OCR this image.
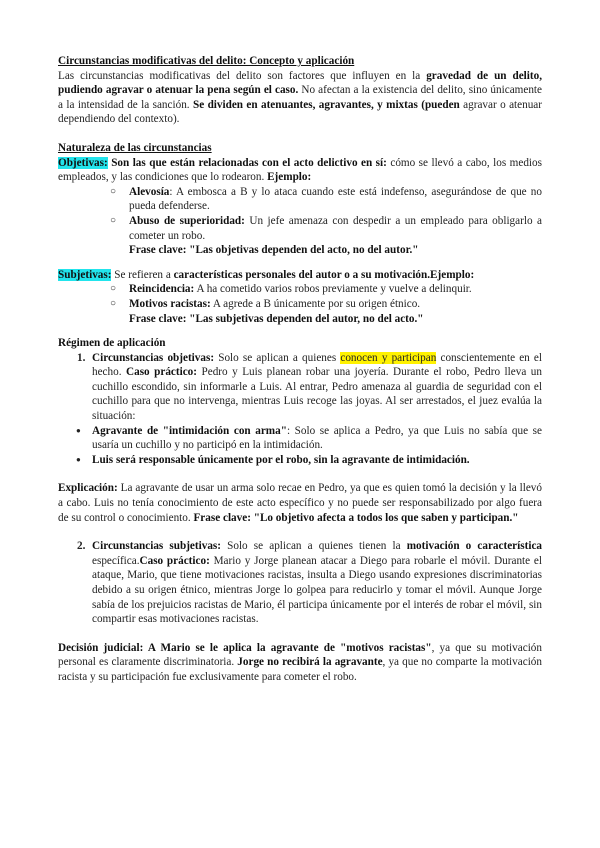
Circunstancias modificativas del delito: Concepto y aplicación

Las circunstancias modificativas del delito son factores que influyen en la gravedad de un delito, pudiendo agravar o atenuar la pena según el caso. No afectan a la existencia del delito, sino únicamente a la intensidad de la sanción. Se dividen en atenuantes, agravantes, y mixtas (pueden agravar o atenuar dependiendo del contexto).

Naturaleza de las circunstancias

Objetivas: Son las que están relacionadas con el acto delictivo en sí: cómo se llevó a cabo, los medios empleados, y las condiciones que lo rodearon. Ejemplo:

○ Alevosía: A embosca a B y lo ataca cuando este está indefenso, asegurándose de que no pueda defenderse.
○ Abuso de superioridad: Un jefe amenaza con despedir a un empleado para obligarlo a cometer un robo.

Frase clave: "Las objetivas dependen del acto, no del autor."

Subjetivas: Se refieren a características personales del autor o a su motivación.Ejemplo:

○ Reincidencia: A ha cometido varios robos previamente y vuelve a delinquir.
○ Motivos racistas: A agrede a B únicamente por su origen étnico.

Frase clave: "Las subjetivas dependen del autor, no del acto."

Régimen de aplicación

1. Circunstancias objetivas: Solo se aplican a quienes conocen y participan conscientemente en el hecho. Caso práctico: Pedro y Luis planean robar una joyería. Durante el robo, Pedro lleva un cuchillo escondido, sin informarle a Luis. Al entrar, Pedro amenaza al guardia de seguridad con el cuchillo para que no intervenga, mientras Luis recoge las joyas. Al ser arrestados, el juez evalúa la situación:
● Agravante de "intimidación con arma": Solo se aplica a Pedro, ya que Luis no sabía que se usaría un cuchillo y no participó en la intimidación.
● Luis será responsable únicamente por el robo, sin la agravante de intimidación.

Explicación: La agravante de usar un arma solo recae en Pedro, ya que es quien tomó la decisión y la llevó a cabo. Luis no tenía conocimiento de este acto específico y no puede ser responsabilizado por algo fuera de su control o conocimiento. Frase clave: "Lo objetivo afecta a todos los que saben y participan."

2. Circunstancias subjetivas: Solo se aplican a quienes tienen la motivación o característica específica.Caso práctico: Mario y Jorge planean atacar a Diego para robarle el móvil. Durante el ataque, Mario, que tiene motivaciones racistas, insulta a Diego usando expresiones discriminatorias debido a su origen étnico, mientras Jorge lo golpea para reducirlo y tomar el móvil. Aunque Jorge sabía de los prejuicios racistas de Mario, él participa únicamente por el interés de robar el móvil, sin compartir esas motivaciones racistas.

Decisión judicial: A Mario se le aplica la agravante de "motivos racistas", ya que su motivación personal es claramente discriminatoria. Jorge no recibirá la agravante, ya que no comparte la motivación racista y su participación fue exclusivamente para cometer el robo.
